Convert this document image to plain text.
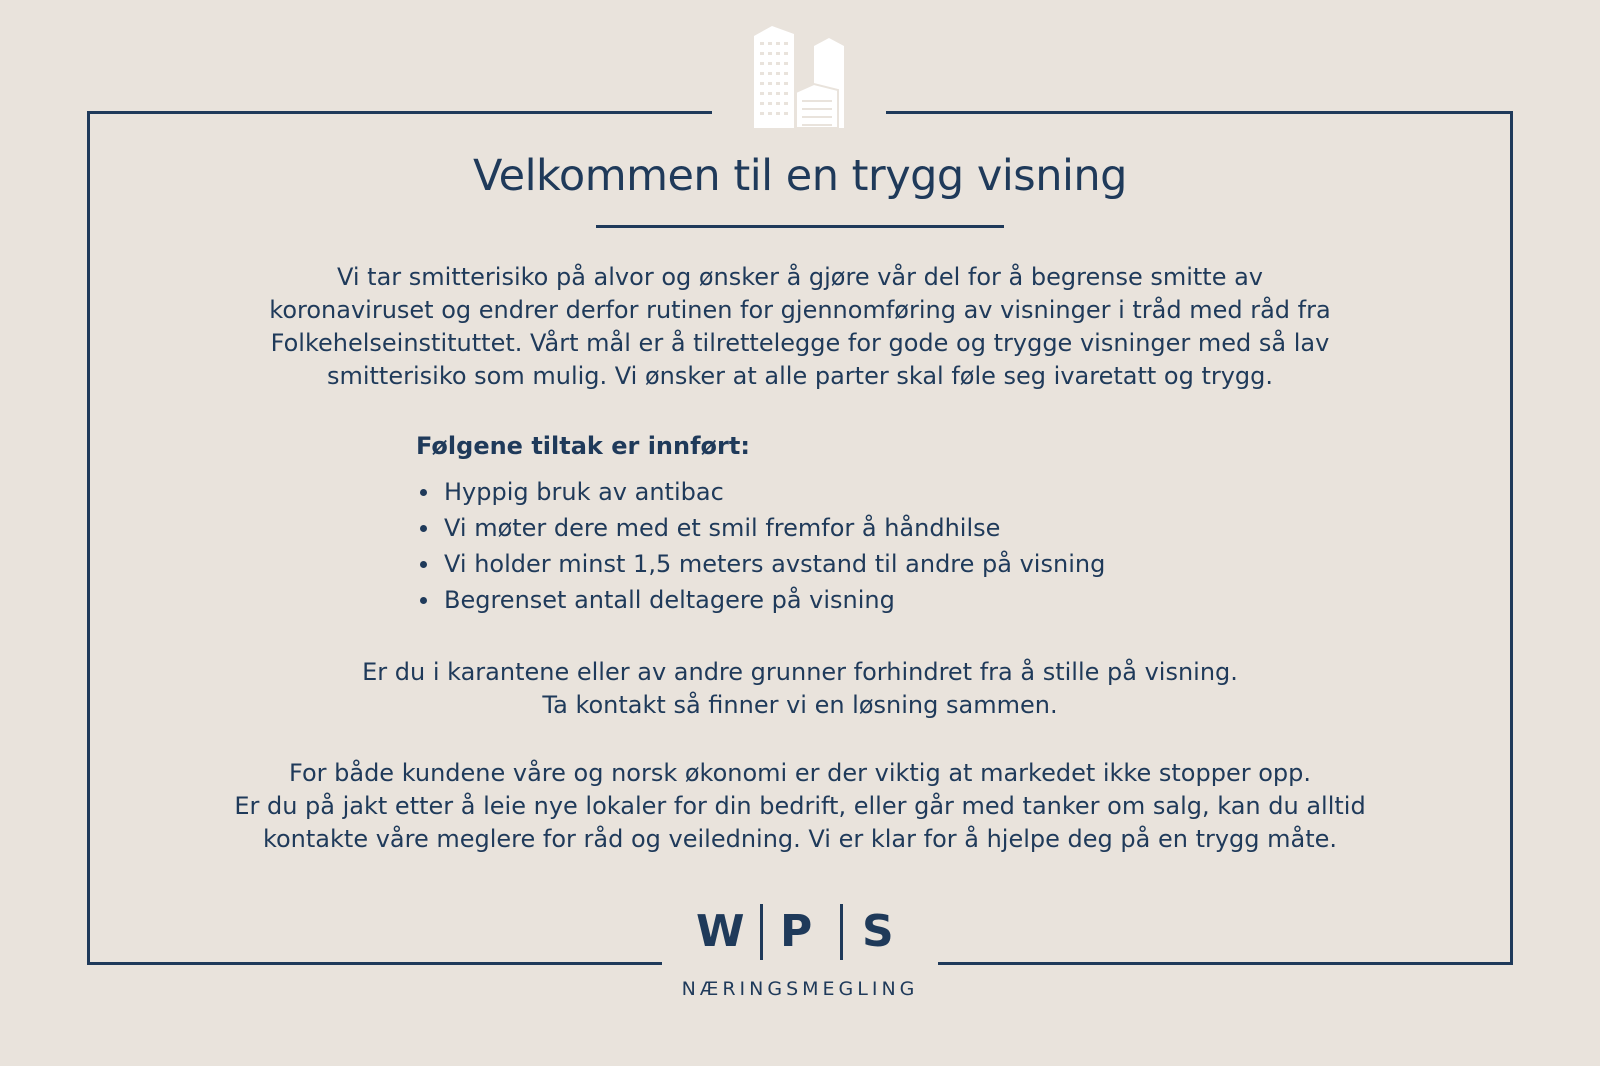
Velkommen til en trygg visning
Vi tar smitterisiko på alvor og ønsker å gjøre vår del for å begrense smitte av
koronaviruset og endrer derfor rutinen for gjennomføring av visninger i tråd med råd fra
Folkehelseinstituttet. Vårt mål er å tilrettelegge for gode og trygge visninger med så lav
smitterisiko som mulig. Vi ønsker at alle parter skal føle seg ivaretatt og trygg.
Følgene tiltak er innført:
Hyppig bruk av antibac
Vi møter dere med et smil fremfor å håndhilse
Vi holder minst 1,5 meters avstand til andre på visning
Begrenset antall deltagere på visning
Er du i karantene eller av andre grunner forhindret fra å stille på visning.
Ta kontakt så finner vi en løsning sammen.
For både kundene våre og norsk økonomi er der viktig at markedet ikke stopper opp.
Er du på jakt etter å leie nye lokaler for din bedrift, eller går med tanker om salg, kan du alltid
kontakte våre meglere for råd og veiledning. Vi er klar for å hjelpe deg på en trygg måte.
W P S
NÆRINGSMEGLING
